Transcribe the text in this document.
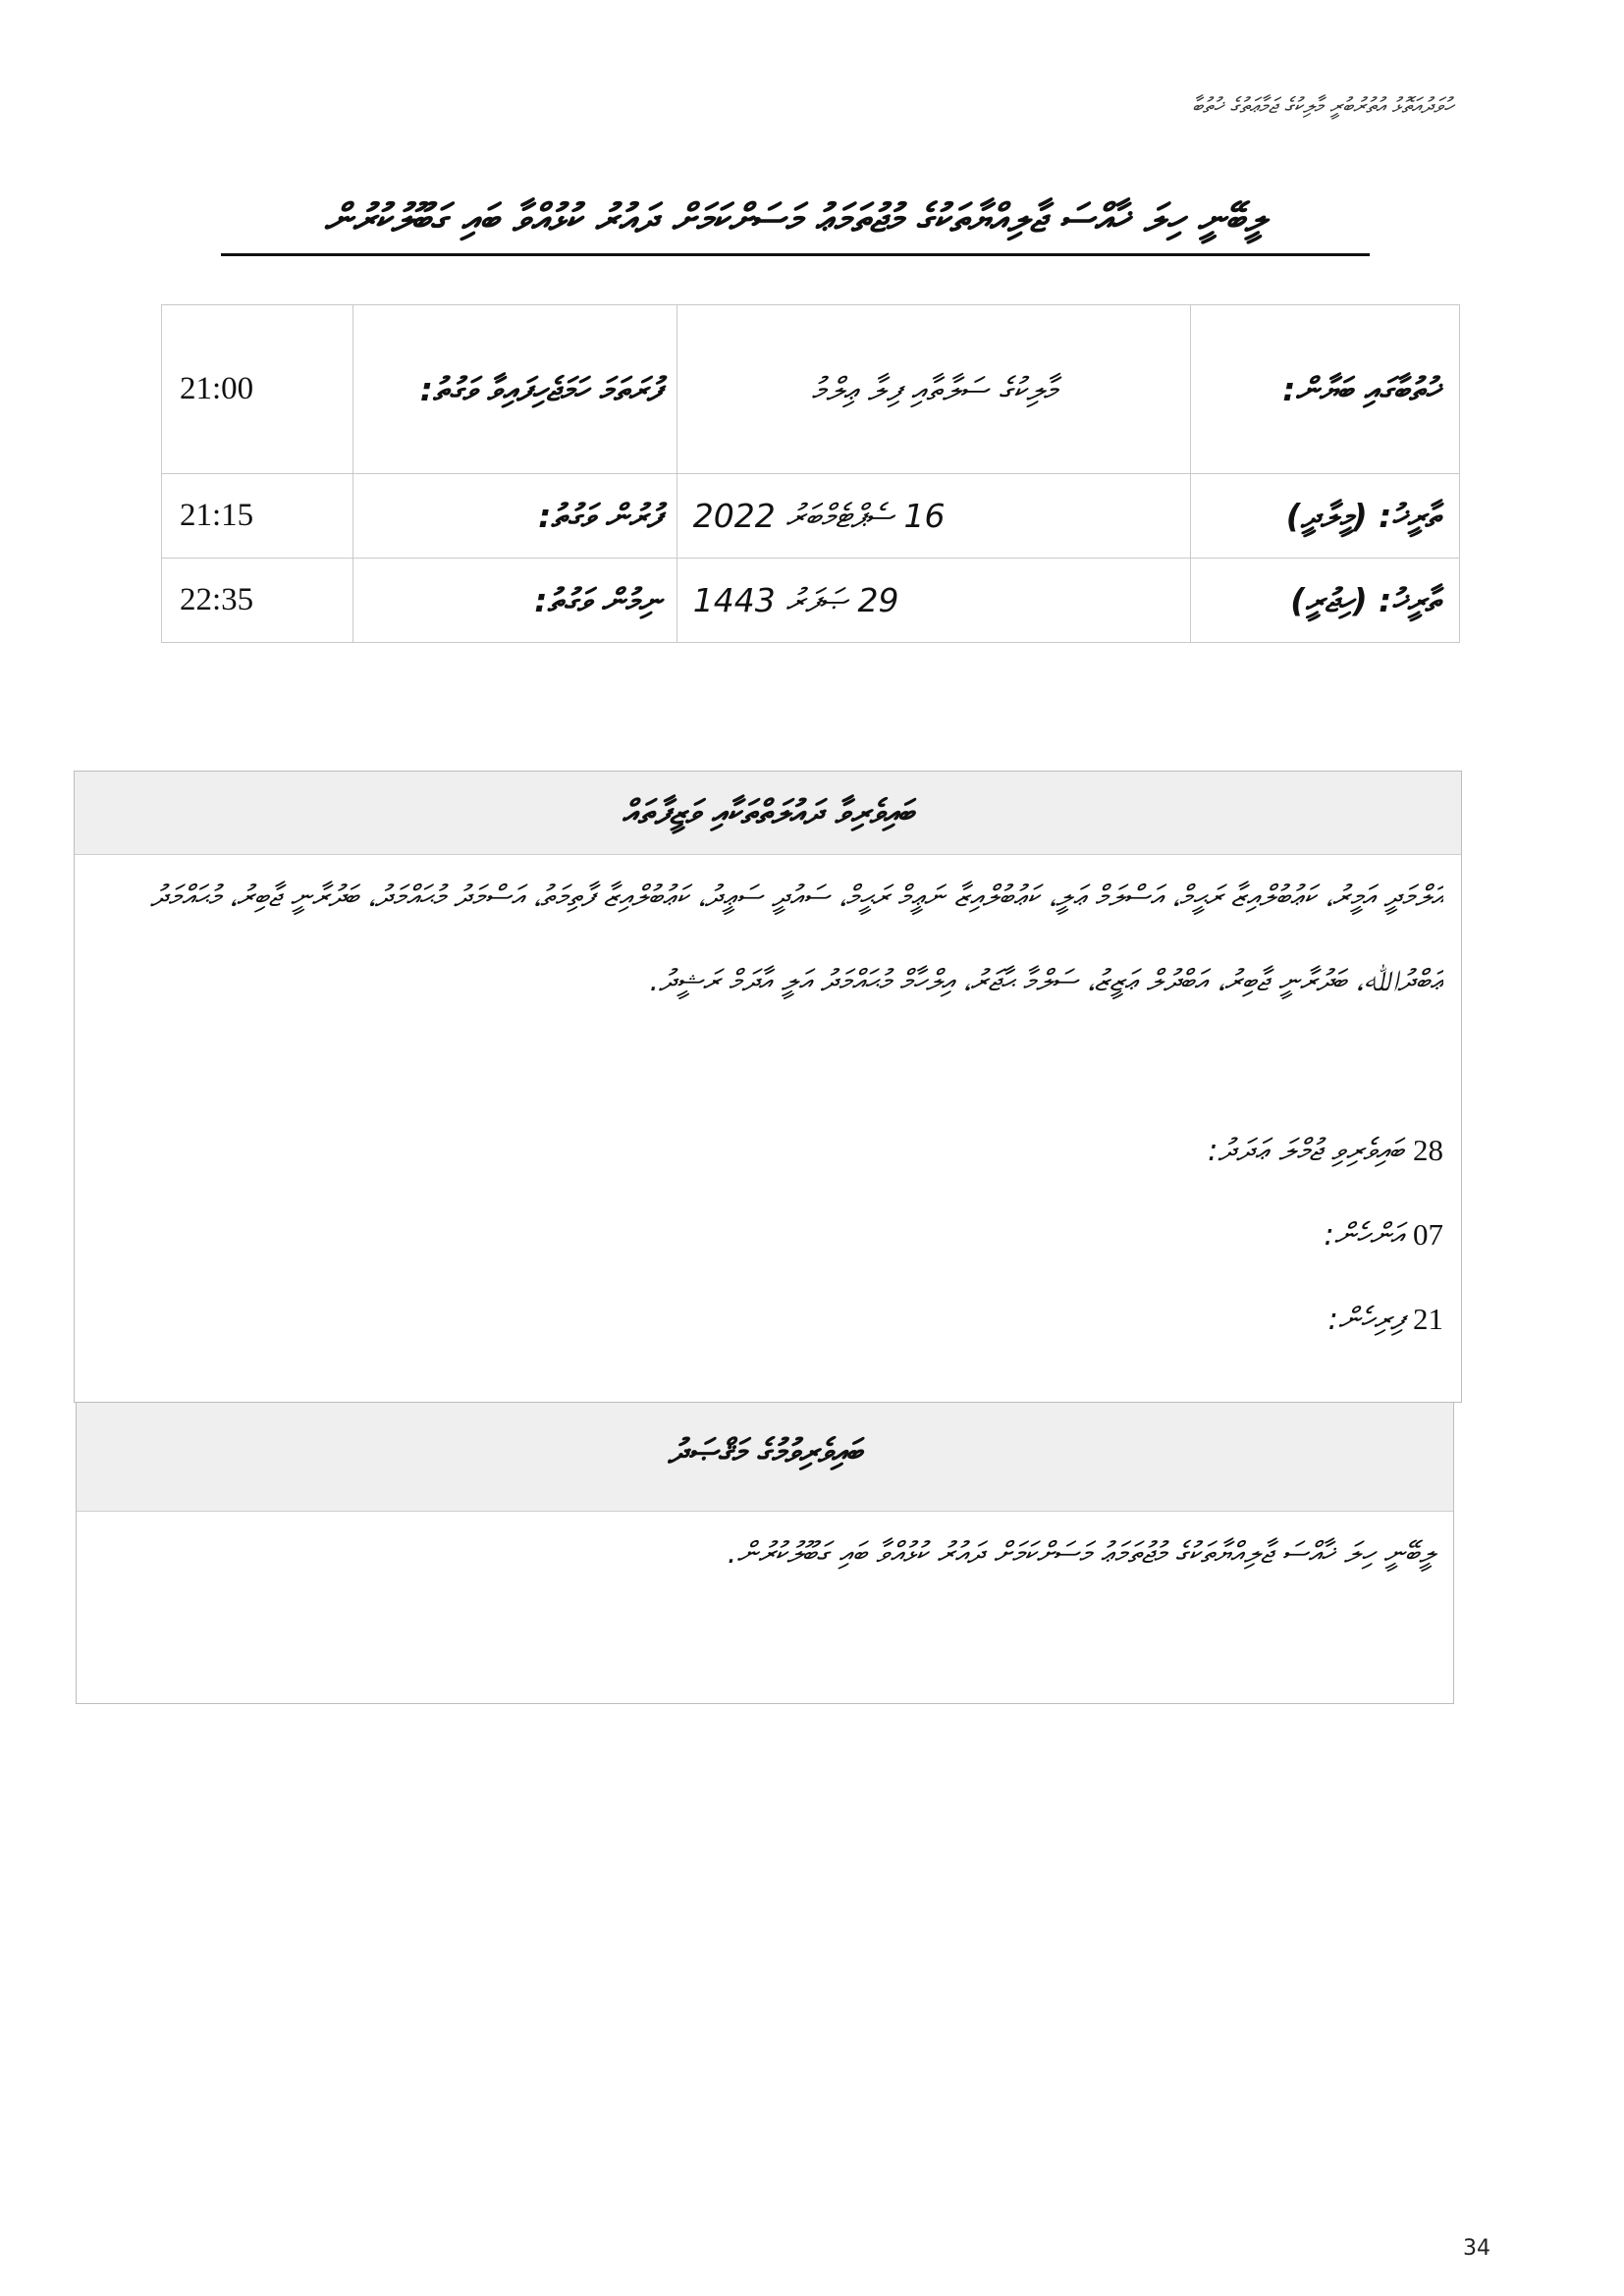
ހުވަދުއަތޮޅު އުތުރުބުރީ މާލިކުގެ ޖަމާޢަތުގެ ޚުތުބާ
ލީބޭނީ ހިލަ ޚާއްސަ ޖާލިއްޔާތަކުގެ މުޖުތަމަޢު މަސަށްކަމަށް ދައުރު ކުޅުއްވާ ބައި ގަބޫލުކުރުން
21:00	ފުރަތަމަ ހަމަޖެހިފައިވާ ވަގުތު:	މާލިކުގެ ސަލާތާއި ފިލާ ޢިލްމު	ޚުތުބާގައި ބަޔާން:
21:15	ފުރުން ވަގުތު:	16 ސެޕްޓެމްބަރު 2022	ތާރީޚު: (މީލާދީ)
22:35	ނިމުން ވަގުތު:	29 ޞަފަރު 1443	ތާރީޚު: (ހިޖުރީ)
ބައިވެރިވާ ދައުލަތްތަކާއި ވަޒީފާތައް
އަލްމަދީ އަމީރު، ކަޢުބުލްއިޒާ ރަޙީމް، އަސްލަމް ޢަލީ، ކަޢުބުލްއިޒާ ނަޢީމް ރަޙީމް، ސައުދީ ސަޢީދު، ކަޢުބުލްއިޒާ ފާތިމަތު، އަސްމަދު މުޙައްމަދު، ބަދުރާނީ ޖާބިރު، މުޙައްމަދު ޢަބްދުﷲ، ބަދުރާނީ ޖާބިރު، އަބްދުލް ޢަޒީޒު، ސަލްމާ ޙާޖަރު، އިލްހާމް މުޙައްމަދު އަލީ އާދަމް ރަޝީދު.
ބައިވެރިވި ޖުމްލަ ޢަދަދު: 28
އަންހެން: 07
ފިރިހެން: 21
ބައިވެރިވުމުގެ މަޤްޞަދު
ލީބޭނީ ހިލަ ޚާއްސަ ޖާލިއްޔާތަކުގެ މުޖުތަމަޢު މަސަށްކަމަށް ދައުރު ކުޅުއްވާ ބައި ގަބޫލުކުރުން.
34
